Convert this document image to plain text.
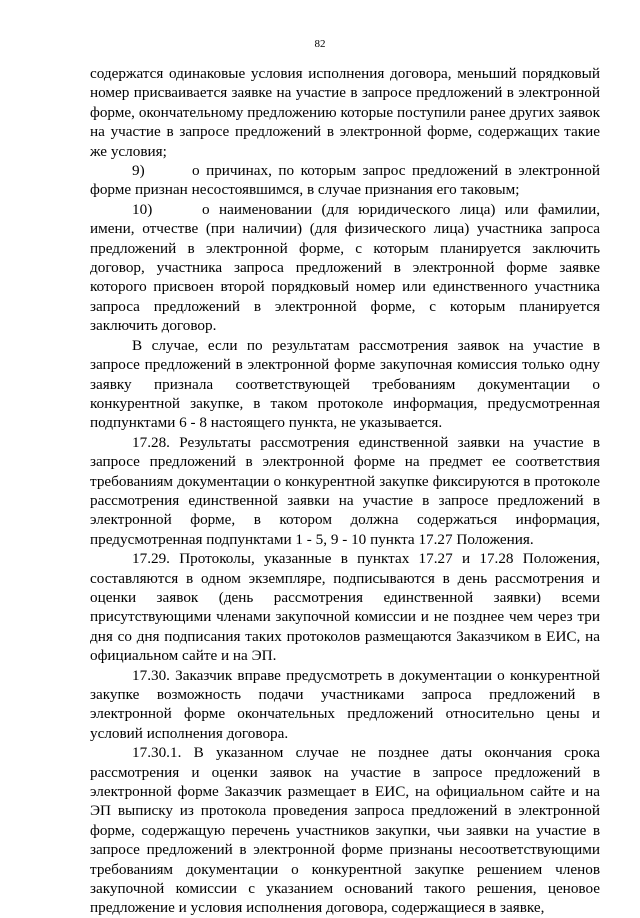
82

содержатся одинаковые условия исполнения договора, меньший порядковый номер присваивается заявке на участие в запросе предложений в электронной форме, окончательному предложению которые поступили ранее других заявок на участие в запросе предложений в электронной форме, содержащих такие же условия;

9)	о причинах, по которым запрос предложений в электронной форме признан несостоявшимся, в случае признания его таковым;

10)	о наименовании (для юридического лица) или фамилии, имени, отчестве (при наличии) (для физического лица) участника запроса предложений в электронной форме, с которым планируется заключить договор, участника запроса предложений в электронной форме заявке которого присвоен второй порядковый номер или единственного участника запроса предложений в электронной форме, с которым планируется заключить договор.

В случае, если по результатам рассмотрения заявок на участие в запросе предложений в электронной форме закупочная комиссия только одну заявку признала соответствующей требованиям документации о конкурентной закупке, в таком протоколе информация, предусмотренная подпунктами 6 - 8 настоящего пункта, не указывается.

17.28. Результаты рассмотрения единственной заявки на участие в запросе предложений в электронной форме на предмет ее соответствия требованиям документации о конкурентной закупке фиксируются в протоколе рассмотрения единственной заявки на участие в запросе предложений в электронной форме, в котором должна содержаться информация, предусмотренная подпунктами 1 - 5, 9 - 10 пункта 17.27 Положения.

17.29. Протоколы, указанные в пунктах 17.27 и 17.28 Положения, составляются в одном экземпляре, подписываются в день рассмотрения и оценки заявок (день рассмотрения единственной заявки) всеми присутствующими членами закупочной комиссии и не позднее чем через три дня со дня подписания таких протоколов размещаются Заказчиком в ЕИС, на официальном сайте и на ЭП.

17.30. Заказчик вправе предусмотреть в документации о конкурентной закупке возможность подачи участниками запроса предложений в электронной форме окончательных предложений относительно цены и условий исполнения договора.

17.30.1. В указанном случае не позднее даты окончания срока рассмотрения и оценки заявок на участие в запросе предложений в электронной форме Заказчик размещает в ЕИС, на официальном сайте и на ЭП выписку из протокола проведения запроса предложений в электронной форме, содержащую перечень участников закупки, чьи заявки на участие в запросе предложений в электронной форме признаны несоответствующими требованиям документации о конкурентной закупке решением членов закупочной комиссии с указанием оснований такого решения, ценовое предложение и условия исполнения договора, содержащиеся в заявке,
